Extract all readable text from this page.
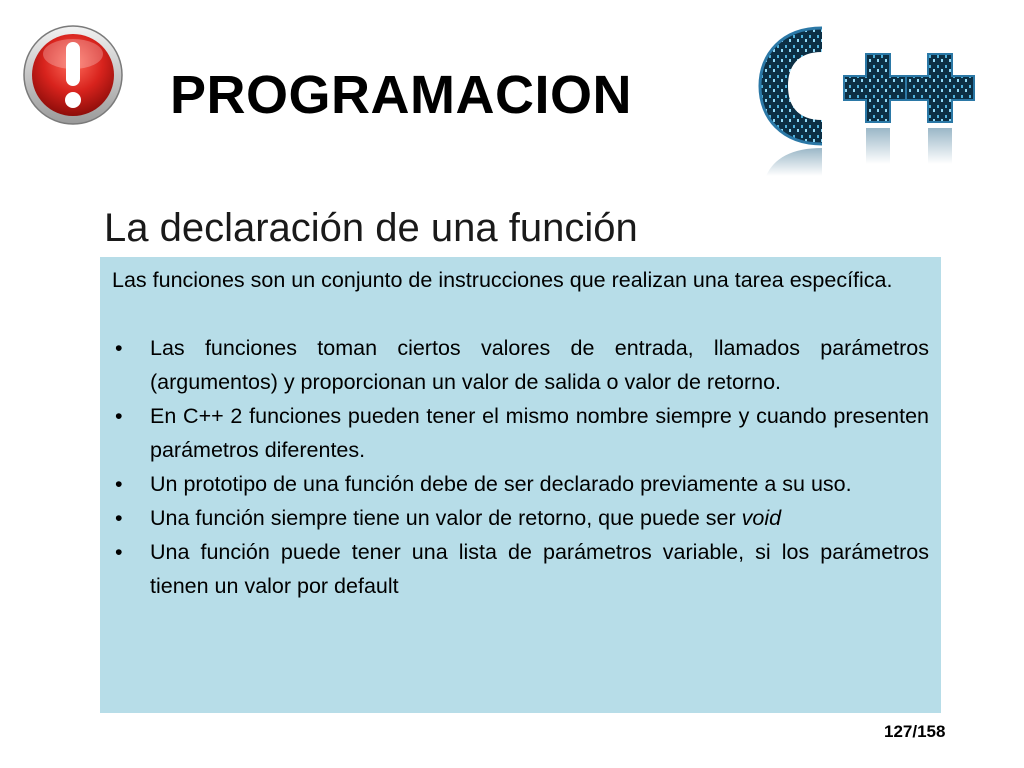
PROGRAMACION
La declaración de una función

Las funciones son un conjunto de instrucciones que realizan una tarea específica.

• Las funciones toman ciertos valores de entrada, llamados parámetros (argumentos) y proporcionan un valor de salida o valor de retorno.
• En C++ 2 funciones pueden tener el mismo nombre siempre y cuando presenten parámetros diferentes.
• Un prototipo de una función debe de ser declarado previamente a su uso.
• Una función siempre tiene un valor de retorno, que puede ser void
• Una función puede tener una lista de parámetros variable, si los parámetros tienen un valor por default
127/158
